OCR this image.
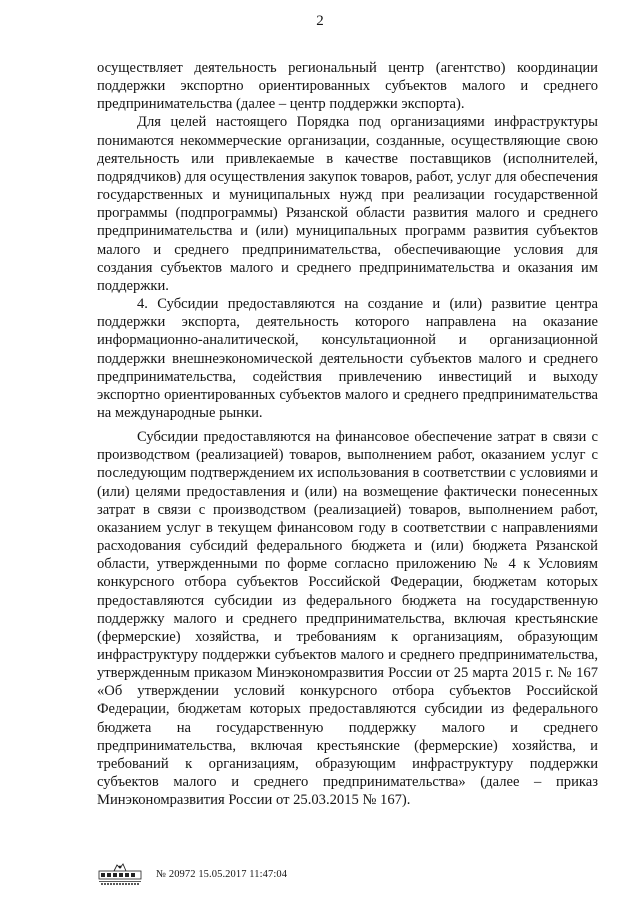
2

осуществляет деятельность региональный центр (агентство) координации поддержки экспортно ориентированных субъектов малого и среднего предпринимательства (далее – центр поддержки экспорта).

Для целей настоящего Порядка под организациями инфраструктуры понимаются некоммерческие организации, созданные, осуществляющие свою деятельность или привлекаемые в качестве поставщиков (исполнителей, подрядчиков) для осуществления закупок товаров, работ, услуг для обеспечения государственных и муниципальных нужд при реализации государственной программы (подпрограммы) Рязанской области развития малого и среднего предпринимательства и (или) муниципальных программ развития субъектов малого и среднего предпринимательства, обеспечивающие условия для создания субъектов малого и среднего предпринимательства и оказания им поддержки.

4. Субсидии предоставляются на создание и (или) развитие центра поддержки экспорта, деятельность которого направлена на оказание информационно-аналитической, консультационной и организационной поддержки внешнеэкономической деятельности субъектов малого и среднего предпринимательства, содействия привлечению инвестиций и выходу экспортно ориентированных субъектов малого и среднего предпринимательства на международные рынки.

Субсидии предоставляются на финансовое обеспечение затрат в связи с производством (реализацией) товаров, выполнением работ, оказанием услуг с последующим подтверждением их использования в соответствии с условиями и (или) целями предоставления и (или) на возмещение фактически понесенных затрат в связи с производством (реализацией) товаров, выполнением работ, оказанием услуг в текущем финансовом году в соответствии с направлениями расходования субсидий федерального бюджета и (или) бюджета Рязанской области, утвержденными по форме согласно приложению № 4 к Условиям конкурсного отбора субъектов Российской Федерации, бюджетам которых предоставляются субсидии из федерального бюджета на государственную поддержку малого и среднего предпринимательства, включая крестьянские (фермерские) хозяйства, и требованиям к организациям, образующим инфраструктуру поддержки субъектов малого и среднего предпринимательства, утвержденным приказом Минэкономразвития России от 25 марта 2015 г. № 167 «Об утверждении условий конкурсного отбора субъектов Российской Федерации, бюджетам которых предоставляются субсидии из федерального бюджета на государственную поддержку малого и среднего предпринимательства, включая крестьянские (фермерские) хозяйства, и требований к организациям, образующим инфраструктуру поддержки субъектов малого и среднего предпринимательства» (далее – приказ Минэкономразвития России от 25.03.2015 № 167).

№ 20972 15.05.2017 11:47:04
